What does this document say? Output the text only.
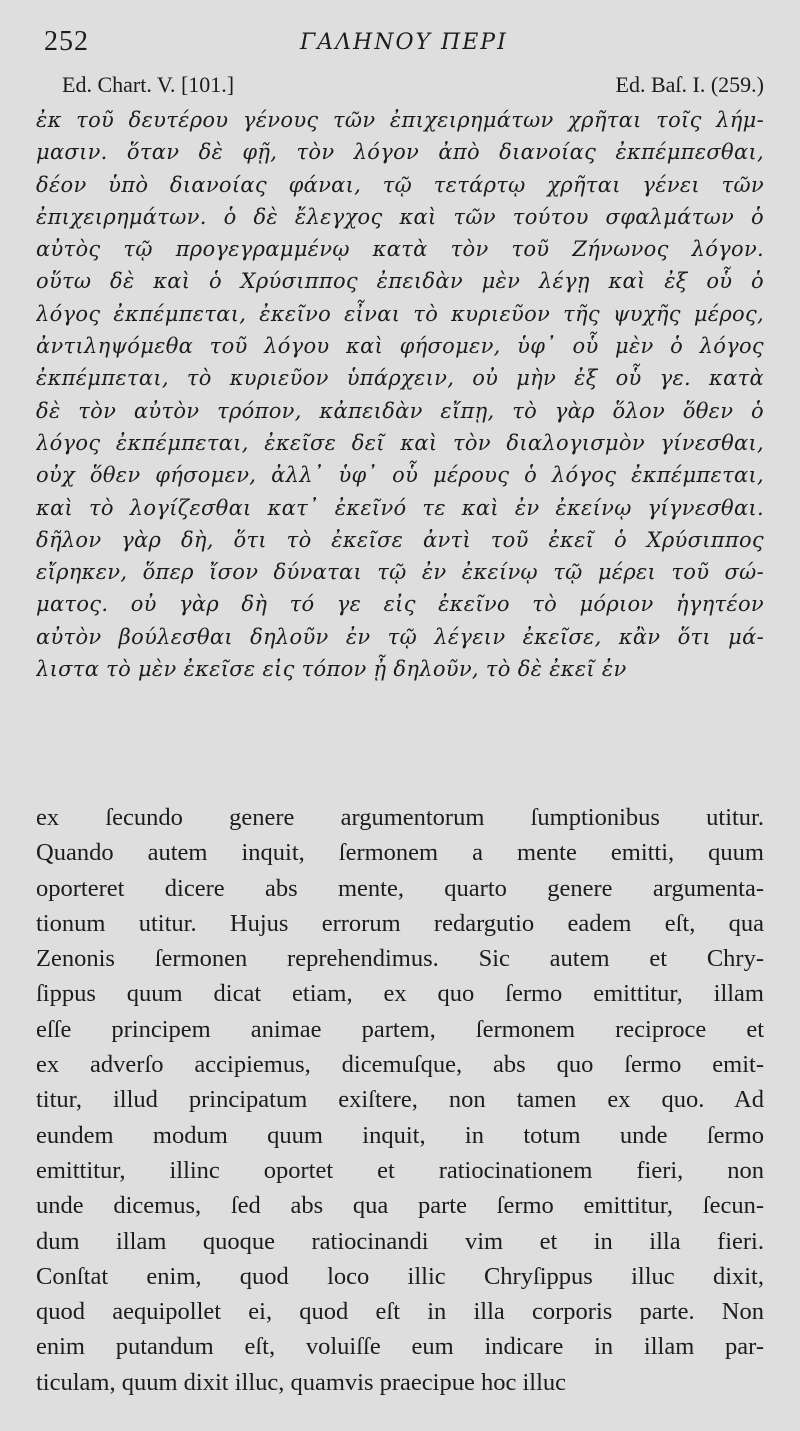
252	ΓΑΛΗΝΟΥ ΠΕΡΙ
Ed. Chart. V. [101.]	Ed. Baſ. I. (259.)
ἐκ τοῦ δευτέρου γένους τῶν ἐπιχειρημάτων χρῆται τοῖς λήμ-
μασιν. ὅταν δὲ φῇ, τὸν λόγον ἀπὸ διανοίας ἐκπέμπεσθαι,
δέον ὑπὸ διανοίας φάναι, τῷ τετάρτῳ χρῆται γένει τῶν
ἐπιχειρημάτων. ὁ δὲ ἔλεγχος καὶ τῶν τούτου σφαλμάτων ὁ
αὐτὸς τῷ προγεγραμμένῳ κατὰ τὸν τοῦ Ζήνωνος λόγον.
οὕτω δὲ καὶ ὁ Χρύσιππος ἐπειδὰν μὲν λέγῃ καὶ ἐξ οὗ ὁ
λόγος ἐκπέμπεται, ἐκεῖνο εἶναι τὸ κυριεῦον τῆς ψυχῆς μέρος,
ἀντιληψόμεθα τοῦ λόγου καὶ φήσομεν, ὑφ᾽ οὗ μὲν ὁ λόγος
ἐκπέμπεται, τὸ κυριεῦον ὑπάρχειν, οὐ μὴν ἐξ οὗ γε. κατὰ
δὲ τὸν αὐτὸν τρόπον, κἀπειδὰν εἴπῃ, τὸ γὰρ ὅλον ὅθεν ὁ
λόγος ἐκπέμπεται, ἐκεῖσε δεῖ καὶ τὸν διαλογισμὸν γίνεσθαι,
οὐχ ὅθεν φήσομεν, ἀλλ᾽ ὑφ᾽ οὗ μέρους ὁ λόγος ἐκπέμπεται,
καὶ τὸ λογίζεσθαι κατ᾽ ἐκεῖνό τε καὶ ἐν ἐκείνῳ γίγνεσθαι.
δῆλον γὰρ δὴ, ὅτι τὸ ἐκεῖσε ἀντὶ τοῦ ἐκεῖ ὁ Χρύσιππος
εἴρηκεν, ὅπερ ἴσον δύναται τῷ ἐν ἐκείνῳ τῷ μέρει τοῦ σώ-
ματος. οὐ γὰρ δὴ τό γε εἰς ἐκεῖνο τὸ μόριον ἡγητέον
αὐτὸν βούλεσθαι δηλοῦν ἐν τῷ λέγειν ἐκεῖσε, κἂν ὅτι μά-
λιστα τὸ μὲν ἐκεῖσε εἰς τόπον ᾖ δηλοῦν, τὸ δὲ ἐκεῖ ἐν
ex ſecundo genere argumentorum ſumptionibus utitur.
Quando autem inquit, ſermonem a mente emitti, quum
oporteret dicere abs mente, quarto genere argumenta-
tionum utitur. Hujus errorum redargutio eadem eſt, qua
Zenonis ſermonen reprehendimus. Sic autem et Chry-
ſippus quum dicat etiam, ex quo ſermo emittitur, illam
eſſe principem animae partem, ſermonem reciproce et
ex adverſo accipiemus, dicemuſque, abs quo ſermo emit-
titur, illud principatum exiſtere, non tamen ex quo. Ad
eundem modum quum inquit, in totum unde ſermo
emittitur, illinc oportet et ratiocinationem fieri, non
unde dicemus, ſed abs qua parte ſermo emittitur, ſecun-
dum illam quoque ratiocinandi vim et in illa fieri.
Conſtat enim, quod loco illic Chryſippus illuc dixit,
quod aequipollet ei, quod eſt in illa corporis parte. Non
enim putandum eſt, voluiſſe eum indicare in illam par-
ticulam, quum dixit illuc, quamvis praecipue hoc illuc
